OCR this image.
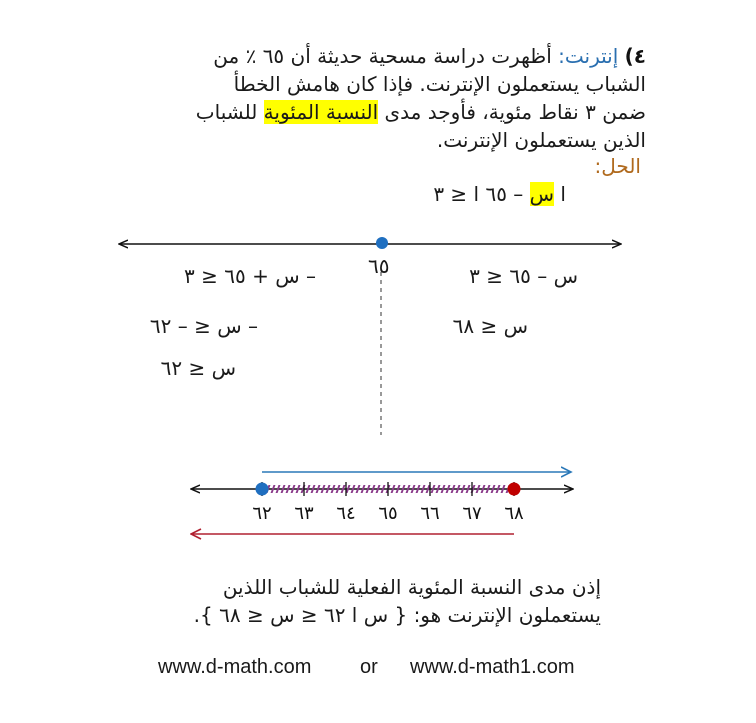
٤) إنترنت: أظهرت دراسة مسحية حديثة أن ٦٥ ٪ من
الشباب يستعملون الإنترنت. فإذا كان هامش الخطأ
ضمن ٣ نقاط مئوية، فأوجد مدى النسبة المئوية للشباب
الذين يستعملون الإنترنت.
الحل:
ا س – ٦٥ ا ≤ ٣
٦٢ ٦٣ ٦٤ ٦٥ ٦٦ ٦٧ ٦٨
٦٥	س – ٦٥ ≤ ٣
س ≤ ٦٨
– س + ٦٥ ≤ ٣
– س ≤ – ٦٢
س ≤ ٦٢
إذن مدى النسبة المئوية الفعلية للشباب اللذين
يستعملون الإنترنت هو: { س ا ٦٢ ≤ س ≤ ٦٨ }.
www.d-math.com or www.d-math1.com
